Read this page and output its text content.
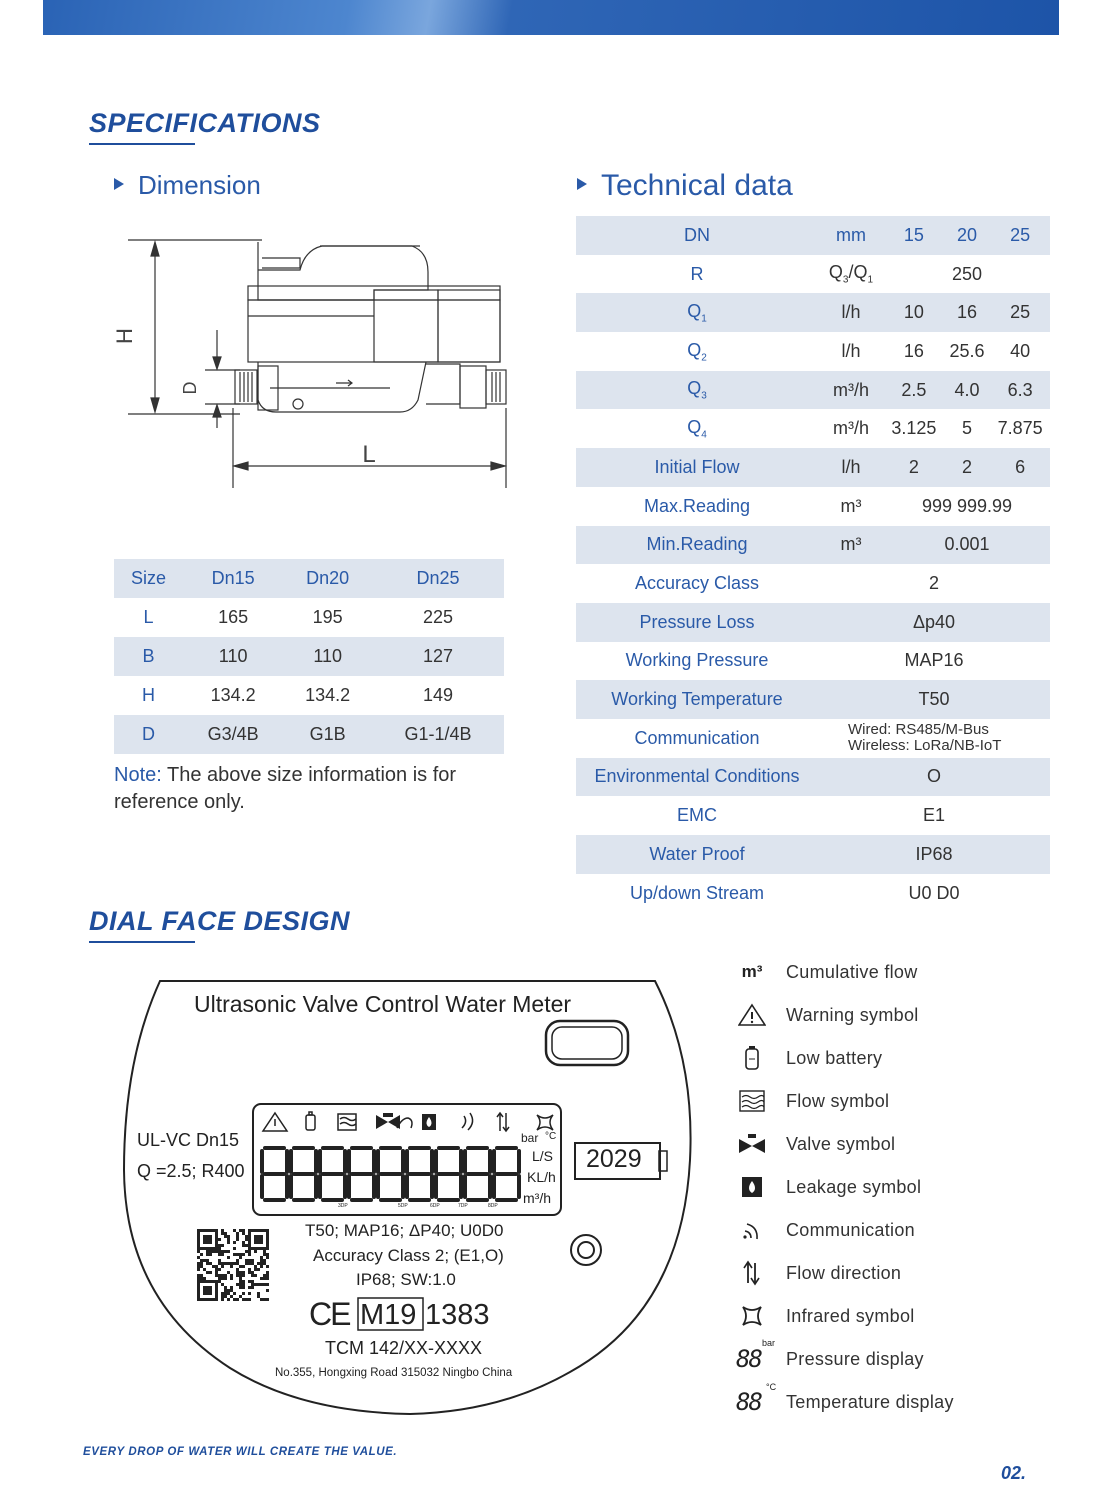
SPECIFICATIONS
Dimension	Technical data
H
D
L
Size	Dn15	Dn20	Dn25
L	165	195	225
B	110	110	127
H	134.2	134.2	149
D	G3/4B	G1B	G1-1/4B
Note: The above size information is for reference only.
DN	mm	15	20	25
R	$Q_3/Q_1$	250		
$Q_1$	l/h	10	16	25
$Q_2$	l/h	16	25.6	40
$Q_3$	m³/h	2.5	4.0	6.3
$Q_4$	m³/h	3.125	5	7.875
Initial Flow	l/h	2	2	6
Max.Reading	m³	999 999.99		
Min.Reading	m³	0.001		
Accuracy Class	2			
Pressure Loss	Δp40			
Working Pressure	MAP16			
Working Temperature	T50			
Communication	Wired: RS485/M-Bus
Wireless: LoRa/NB-IoT			

Environmental Conditions	O			
EMC	E1			
Water Proof	IP68			
Up/down Stream	U0 D0			
DIAL FACE DESIGN
Ultrasonic Valve Control Water Meter
UL-VC Dn15
Q =2.5; R400
bar °C
L/S
KL/h
m³/h
3DP	5DP	6DP	7DP	8DP
2029
T50; MAP16; ΔP40; U0D0
Accuracy Class 2; (E1,O)
IP68; SW:1.0
CE M19 1383
TCM 142/XX-XXXX
No.355, Hongxing Road 315032 Ningbo China
m³ Cumulative flow
Warning symbol
Low battery
Flow symbol
Valve symbol
Leakage symbol
Communication
Flow direction
Infrared symbol
88
bar
Pressure display
88
°C
Temperature display
EVERY DROP OF WATER WILL CREATE THE VALUE.
02.
